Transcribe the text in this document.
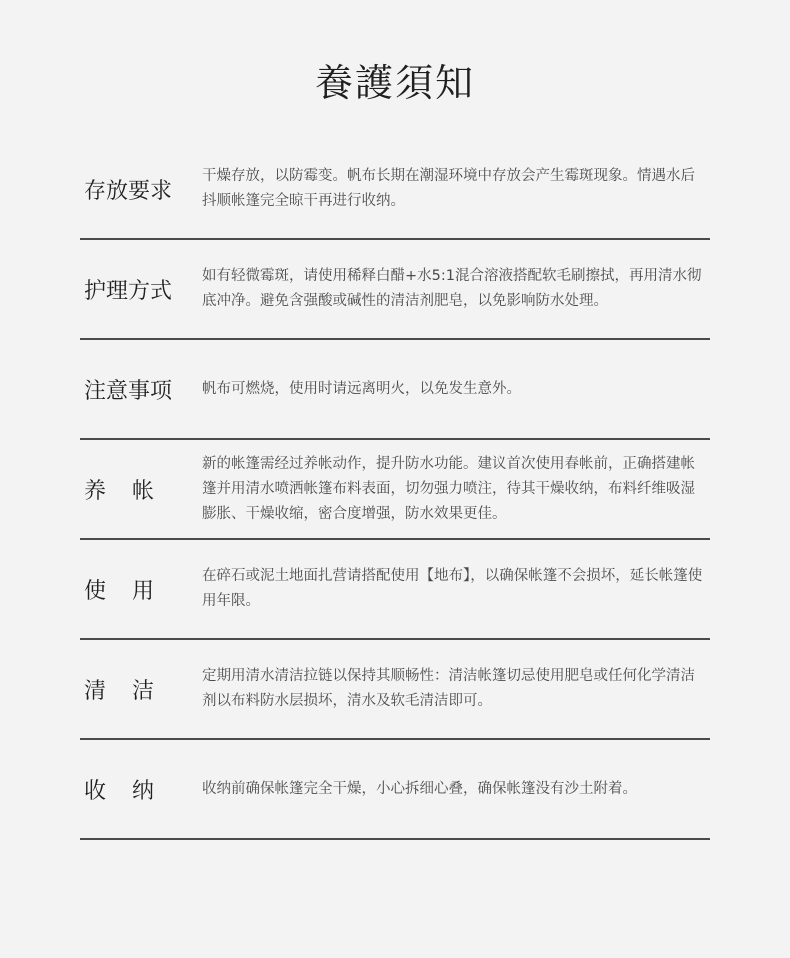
養護須知
存放要求
干燥存放，以防霉变。帆布长期在潮湿环境中存放会产生霉斑现象。情遇水后抖顺帐篷完全晾干再进行收纳。
护理方式
如有轻微霉斑，请使用稀释白醋+水5:1混合溶液搭配软毛刷擦拭，再用清水彻底冲净。避免含强酸或碱性的清洁剂肥皂，以免影响防水处理。
注意事项	帆布可燃烧，使用时请远离明火，以免发生意外。
养帐
新的帐篷需经过养帐动作，提升防水功能。建议首次使用春帐前，正确搭建帐篷并用清水喷洒帐篷布料表面，切勿强力喷注，待其干燥收纳，布料纤维吸湿膨胀、干燥收缩，密合度增强，防水效果更佳。
使用
在碎石或泥土地面扎营请搭配使用【地布】，以确保帐篷不会损坏，延长帐篷使用年限。
清洁
定期用清水清洁拉链以保持其顺畅性：清洁帐篷切忌使用肥皂或任何化学清洁剂以布料防水层损坏，清水及软毛清洁即可。
收纳	收纳前确保帐篷完全干燥，小心拆细心叠，确保帐篷没有沙土附着。
